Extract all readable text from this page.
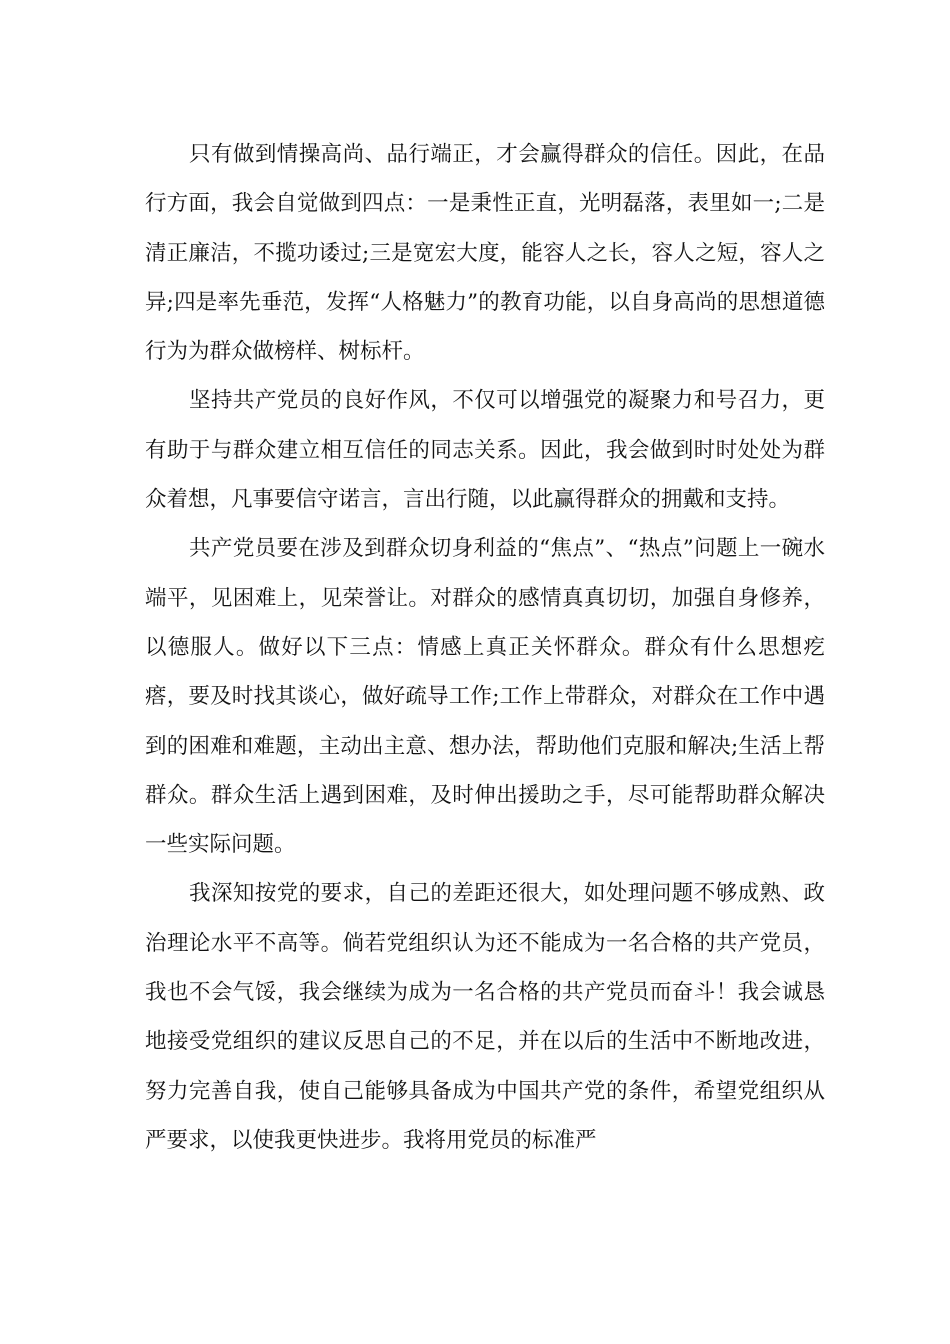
只有做到情操高尚、品行端正，才会赢得群众的信任。因此，在品行方面，我会自觉做到四点：一是秉性正直，光明磊落，表里如一;二是清正廉洁，不揽功诿过;三是宽宏大度，能容人之长，容人之短，容人之异;四是率先垂范，发挥“人格魅力”的教育功能，以自身高尚的思想道德行为为群众做榜样、树标杆。

坚持共产党员的良好作风，不仅可以增强党的凝聚力和号召力，更有助于与群众建立相互信任的同志关系。因此，我会做到时时处处为群众着想，凡事要信守诺言，言出行随，以此赢得群众的拥戴和支持。

共产党员要在涉及到群众切身利益的“焦点”、“热点”问题上一碗水端平，见困难上，见荣誉让。对群众的感情真真切切，加强自身修养，以德服人。做好以下三点：情感上真正关怀群众。群众有什么思想疙瘩，要及时找其谈心，做好疏导工作;工作上带群众，对群众在工作中遇到的困难和难题，主动出主意、想办法，帮助他们克服和解决;生活上帮群众。群众生活上遇到困难，及时伸出援助之手，尽可能帮助群众解决一些实际问题。

我深知按党的要求，自己的差距还很大，如处理问题不够成熟、政治理论水平不高等。倘若党组织认为还不能成为一名合格的共产党员，我也不会气馁，我会继续为成为一名合格的共产党员而奋斗！我会诚恳地接受党组织的建议反思自己的不足，并在以后的生活中不断地改进，努力完善自我，使自己能够具备成为中国共产党的条件，希望党组织从严要求，以使我更快进步。我将用党员的标准严
